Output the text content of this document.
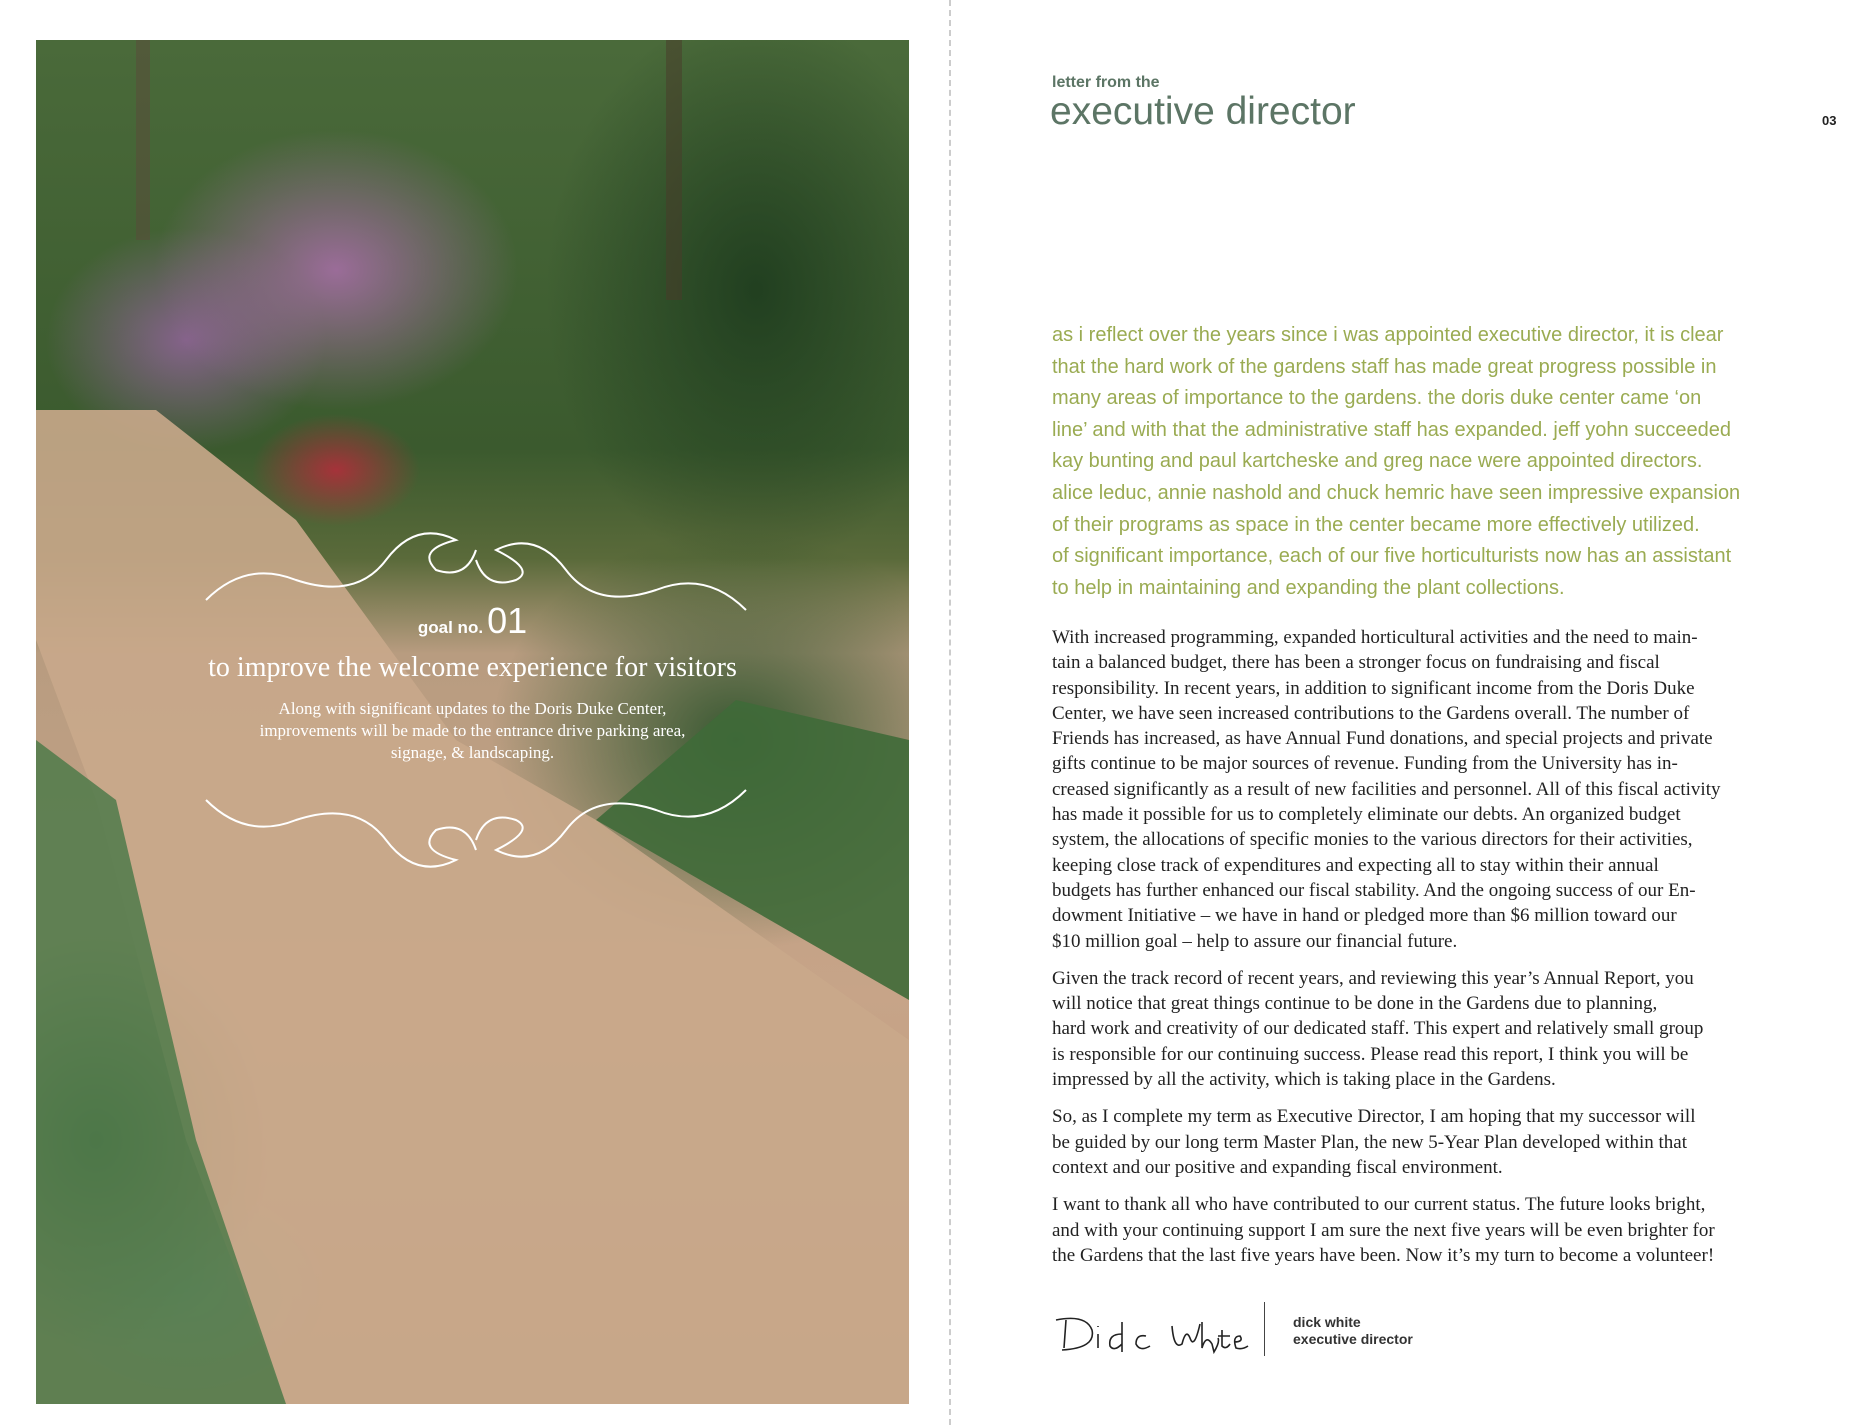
goal no. 01
to improve the welcome experience for visitors
Along with significant updates to the Doris Duke Center,
improvements will be made to the entrance drive parking area,
signage, & landscaping.
letter from the
executive director	03
as i reflect over the years since i was appointed executive director, it is clear
that the hard work of the gardens staff has made great progress possible in
many areas of importance to the gardens. the doris duke center came ‘on
line’ and with that the administrative staff has expanded. jeff yohn succeeded
kay bunting and paul kartcheske and greg nace were appointed directors.
alice leduc, annie nashold and chuck hemric have seen impressive expansion
of their programs as space in the center became more effectively utilized.
of significant importance, each of our five horticulturists now has an assistant
to help in maintaining and expanding the plant collections.

With increased programming, expanded horticultural activities and the need to main-
tain a balanced budget, there has been a stronger focus on fundraising and fiscal
responsibility. In recent years, in addition to significant income from the Doris Duke
Center, we have seen increased contributions to the Gardens overall. The number of
Friends has increased, as have Annual Fund donations, and special projects and private
gifts continue to be major sources of revenue. Funding from the University has in-
creased significantly as a result of new facilities and personnel. All of this fiscal activity
has made it possible for us to completely eliminate our debts. An organized budget
system, the allocations of specific monies to the various directors for their activities,
keeping close track of expenditures and expecting all to stay within their annual
budgets has further enhanced our fiscal stability. And the ongoing success of our En-
dowment Initiative – we have in hand or pledged more than $6 million toward our
$10 million goal – help to assure our financial future.

Given the track record of recent years, and reviewing this year’s Annual Report, you
will notice that great things continue to be done in the Gardens due to planning,
hard work and creativity of our dedicated staff. This expert and relatively small group
is responsible for our continuing success. Please read this report, I think you will be
impressed by all the activity, which is taking place in the Gardens.

So, as I complete my term as Executive Director, I am hoping that my successor will
be guided by our long term Master Plan, the new 5-Year Plan developed within that
context and our positive and expanding fiscal environment.

I want to thank all who have contributed to our current status. The future looks bright,
and with your continuing support I am sure the next five years will be even brighter for
the Gardens that the last five years have been. Now it’s my turn to become a volunteer!

dick white
executive director
